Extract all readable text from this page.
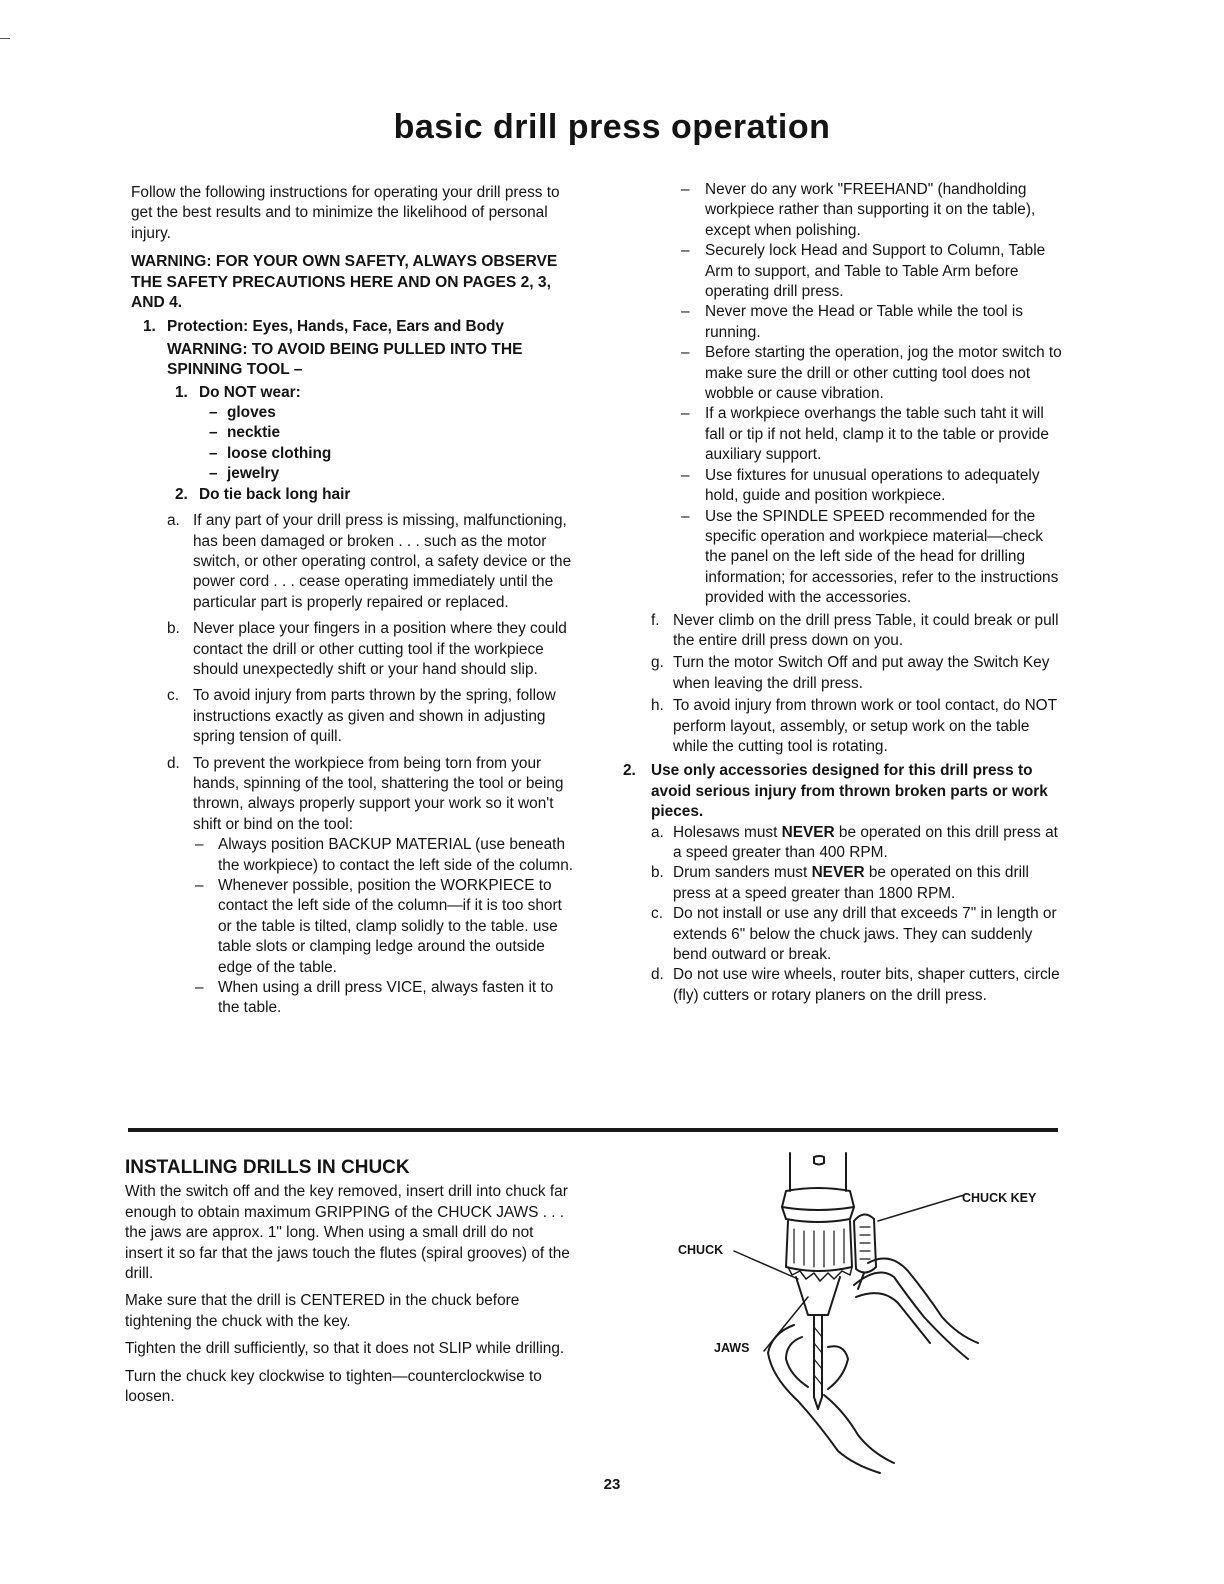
basic drill press operation

Follow the following instructions for operating your drill press to get the best results and to minimize the likelihood of personal injury.

WARNING: FOR YOUR OWN SAFETY, ALWAYS OBSERVE THE SAFETY PRECAUTIONS HERE AND ON PAGES 2, 3, AND 4.

1. Protection: Eyes, Hands, Face, Ears and Body

WARNING: TO AVOID BEING PULLED INTO THE SPINNING TOOL –

1. Do NOT wear:
– gloves
– necktie
– loose clothing
– jewelry
2. Do tie back long hair
a. If any part of your drill press is missing, malfunctioning, has been damaged or broken . . . such as the motor switch, or other operating control, a safety device or the power cord . . . cease operating immediately until the particular part is properly repaired or replaced.
b. Never place your fingers in a position where they could contact the drill or other cutting tool if the workpiece should unexpectedly shift or your hand should slip.
c. To avoid injury from parts thrown by the spring, follow instructions exactly as given and shown in adjusting spring tension of quill.
d. To prevent the workpiece from being torn from your hands, spinning of the tool, shattering the tool or being thrown, always properly support your work so it won't shift or bind on the tool:
– Always position BACKUP MATERIAL (use beneath the workpiece) to contact the left side of the column.
– Whenever possible, position the WORKPIECE to contact the left side of the column—if it is too short or the table is tilted, clamp solidly to the table. use table slots or clamping ledge around the outside edge of the table.
– When using a drill press VICE, always fasten it to the table.
– Never do any work "FREEHAND" (handholding workpiece rather than supporting it on the table), except when polishing.
– Securely lock Head and Support to Column, Table Arm to support, and Table to Table Arm before operating drill press.
– Never move the Head or Table while the tool is running.
– Before starting the operation, jog the motor switch to make sure the drill or other cutting tool does not wobble or cause vibration.
– If a workpiece overhangs the table such taht it will fall or tip if not held, clamp it to the table or provide auxiliary support.
– Use fixtures for unusual operations to adequately hold, guide and position workpiece.
– Use the SPINDLE SPEED recommended for the specific operation and workpiece material—check the panel on the left side of the head for drilling information; for accessories, refer to the instructions provided with the accessories.
f. Never climb on the drill press Table, it could break or pull the entire drill press down on you.
g. Turn the motor Switch Off and put away the Switch Key when leaving the drill press.
h. To avoid injury from thrown work or tool contact, do NOT perform layout, assembly, or setup work on the table while the cutting tool is rotating.
2. Use only accessories designed for this drill press to avoid serious injury from thrown broken parts or work pieces.
a. Holesaws must NEVER be operated on this drill press at a speed greater than 400 RPM.
b. Drum sanders must NEVER be operated on this drill press at a speed greater than 1800 RPM.
c. Do not install or use any drill that exceeds 7" in length or extends 6" below the chuck jaws. They can suddenly bend outward or break.
d. Do not use wire wheels, router bits, shaper cutters, circle (fly) cutters or rotary planers on the drill press.
INSTALLING DRILLS IN CHUCK

With the switch off and the key removed, insert drill into chuck far enough to obtain maximum GRIPPING of the CHUCK JAWS . . . the jaws are approx. 1" long. When using a small drill do not insert it so far that the jaws touch the flutes (spiral grooves) of the drill.

Make sure that the drill is CENTERED in the chuck before tightening the chuck with the key.

Tighten the drill sufficiently, so that it does not SLIP while drilling.

Turn the chuck key clockwise to tighten—counterclockwise to loosen.

CHUCK KEY
CHUCK
JAWS
23
